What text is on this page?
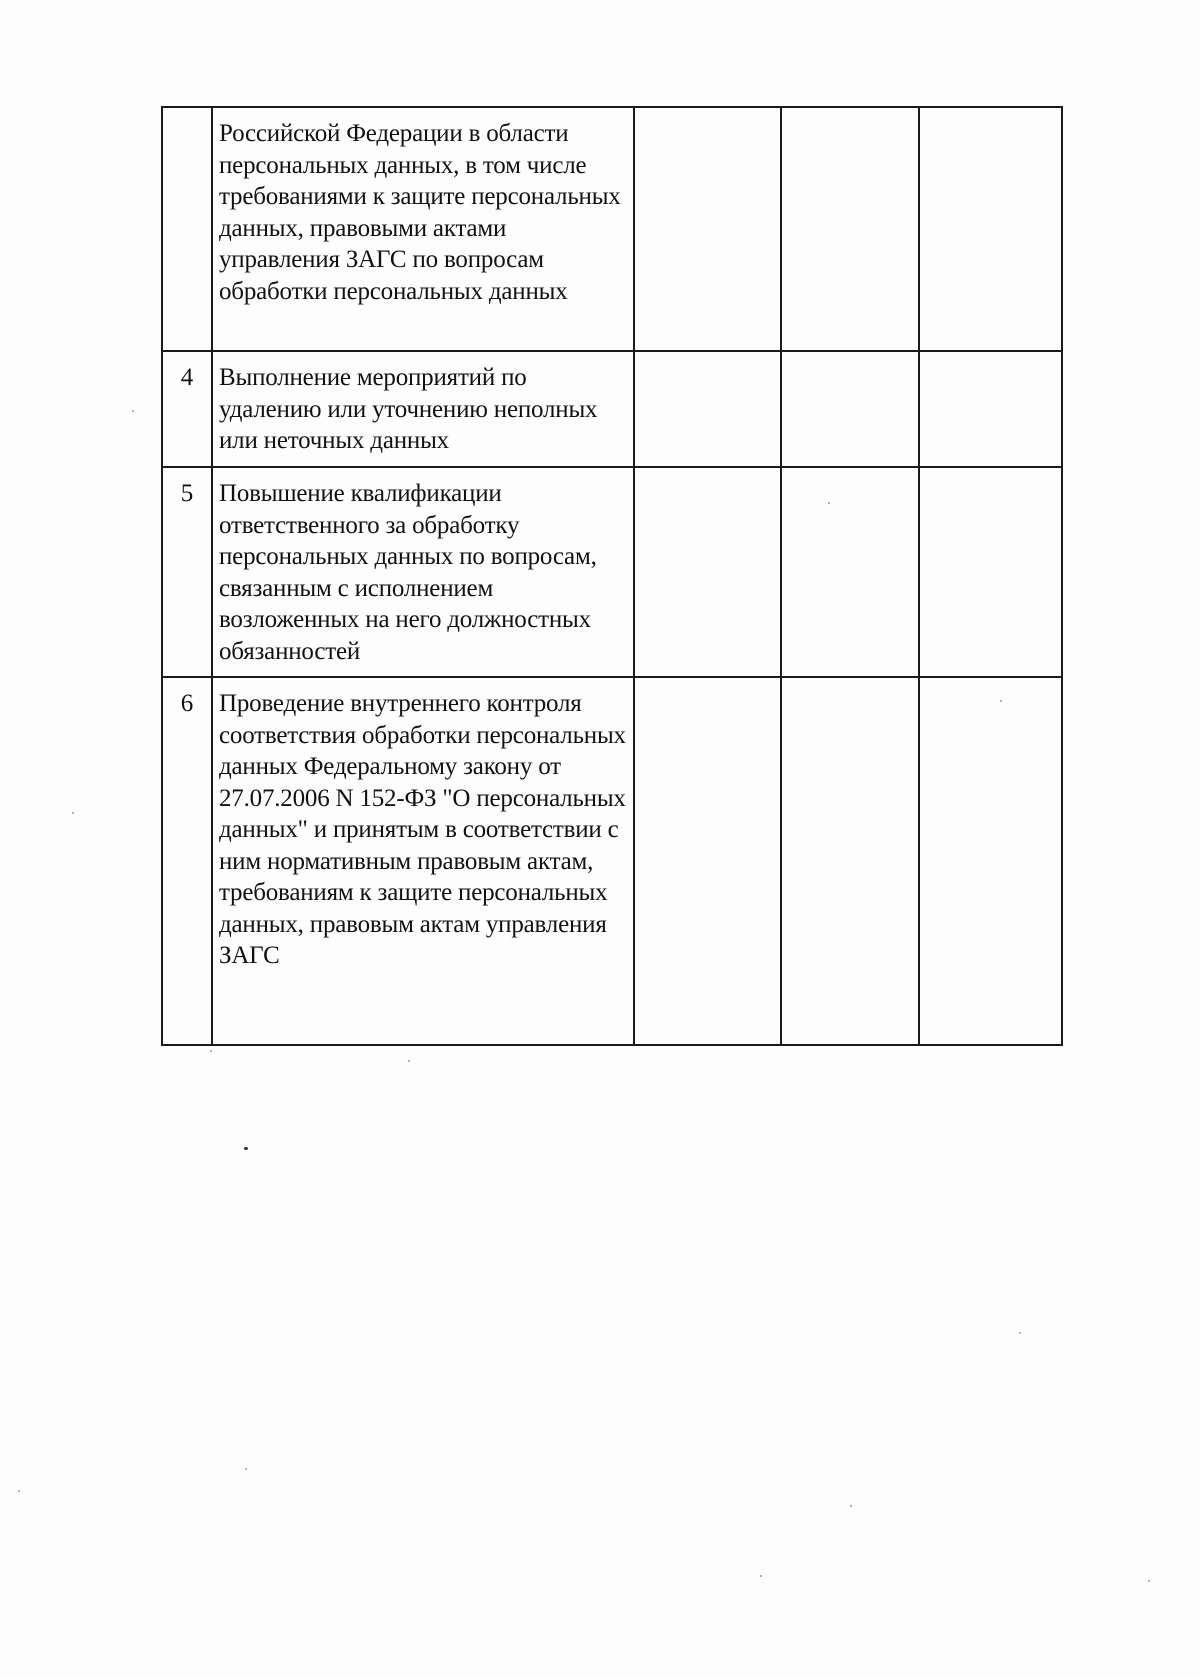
	Российской Федерации в области персональных данных, в том числе требованиями к защите персональных данных, правовыми актами управления ЗАГС по вопросам обработки персональных данных			
4	Выполнение мероприятий по удалению или уточнению неполных или неточных данных			
5	Повышение квалификации ответственного за обработку персональных данных по вопросам, связанным с исполнением возложенных на него должностных обязанностей			
6	Проведение внутреннего контроля соответствия обработки персональных данных Федеральному закону от 27.07.2006 N 152-ФЗ "О персональных данных" и принятым в соответствии с ним нормативным правовым актам, требованиям к защите персональных данных, правовым актам управления ЗАГС			
